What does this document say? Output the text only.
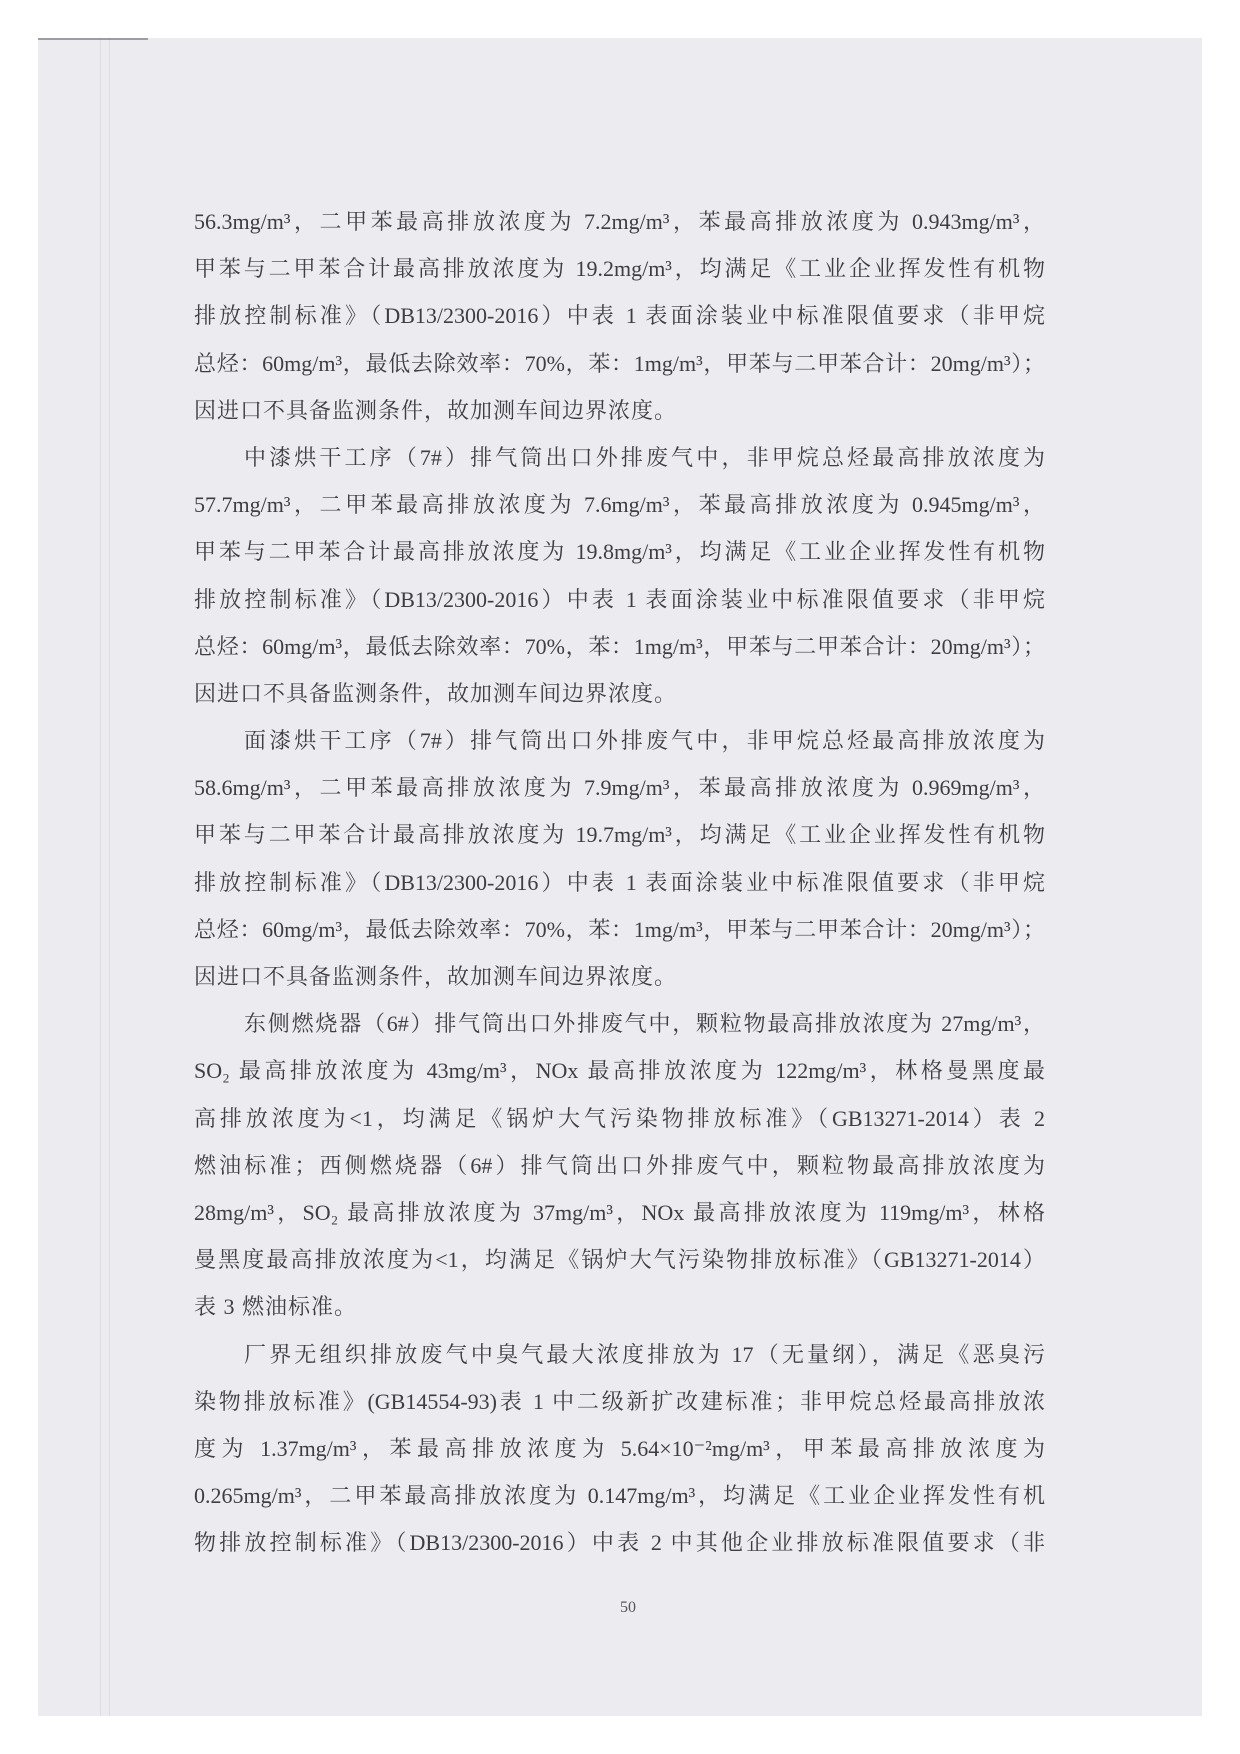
56.3mg/m³，二甲苯最高排放浓度为 7.2mg/m³，苯最高排放浓度为 0.943mg/m³，
甲苯与二甲苯合计最高排放浓度为 19.2mg/m³，均满足《工业企业挥发性有机物
排放控制标准》（DB13/2300-2016）中表 1 表面涂装业中标准限值要求（非甲烷
总烃：60mg/m³，最低去除效率：70%，苯：1mg/m³，甲苯与二甲苯合计：20mg/m³）；
因进口不具备监测条件，故加测车间边界浓度。
中漆烘干工序（7#）排气筒出口外排废气中，非甲烷总烃最高排放浓度为
57.7mg/m³，二甲苯最高排放浓度为 7.6mg/m³，苯最高排放浓度为 0.945mg/m³，
甲苯与二甲苯合计最高排放浓度为 19.8mg/m³，均满足《工业企业挥发性有机物
排放控制标准》（DB13/2300-2016）中表 1 表面涂装业中标准限值要求（非甲烷
总烃：60mg/m³，最低去除效率：70%，苯：1mg/m³，甲苯与二甲苯合计：20mg/m³）；
因进口不具备监测条件，故加测车间边界浓度。
面漆烘干工序（7#）排气筒出口外排废气中，非甲烷总烃最高排放浓度为
58.6mg/m³，二甲苯最高排放浓度为 7.9mg/m³，苯最高排放浓度为 0.969mg/m³，
甲苯与二甲苯合计最高排放浓度为 19.7mg/m³，均满足《工业企业挥发性有机物
排放控制标准》（DB13/2300-2016）中表 1 表面涂装业中标准限值要求（非甲烷
总烃：60mg/m³，最低去除效率：70%，苯：1mg/m³，甲苯与二甲苯合计：20mg/m³）；
因进口不具备监测条件，故加测车间边界浓度。
东侧燃烧器（6#）排气筒出口外排废气中，颗粒物最高排放浓度为 27mg/m³，
SO₂ 最高排放浓度为 43mg/m³，NOx 最高排放浓度为 122mg/m³，林格曼黑度最
高排放浓度为<1，均满足《锅炉大气污染物排放标准》（GB13271-2014）表 2
燃油标准；西侧燃烧器（6#）排气筒出口外排废气中，颗粒物最高排放浓度为
28mg/m³，SO₂ 最高排放浓度为 37mg/m³，NOx 最高排放浓度为 119mg/m³，林格
曼黑度最高排放浓度为<1，均满足《锅炉大气污染物排放标准》（GB13271-2014）
表 3 燃油标准。
厂界无组织排放废气中臭气最大浓度排放为 17（无量纲），满足《恶臭污
染物排放标准》(GB14554-93)表 1 中二级新扩改建标准；非甲烷总烃最高排放浓
度为 1.37mg/m³，苯最高排放浓度为 5.64×10⁻²mg/m³，甲苯最高排放浓度为
0.265mg/m³，二甲苯最高排放浓度为 0.147mg/m³，均满足《工业企业挥发性有机
物排放控制标准》（DB13/2300-2016）中表 2 中其他企业排放标准限值要求（非
50
